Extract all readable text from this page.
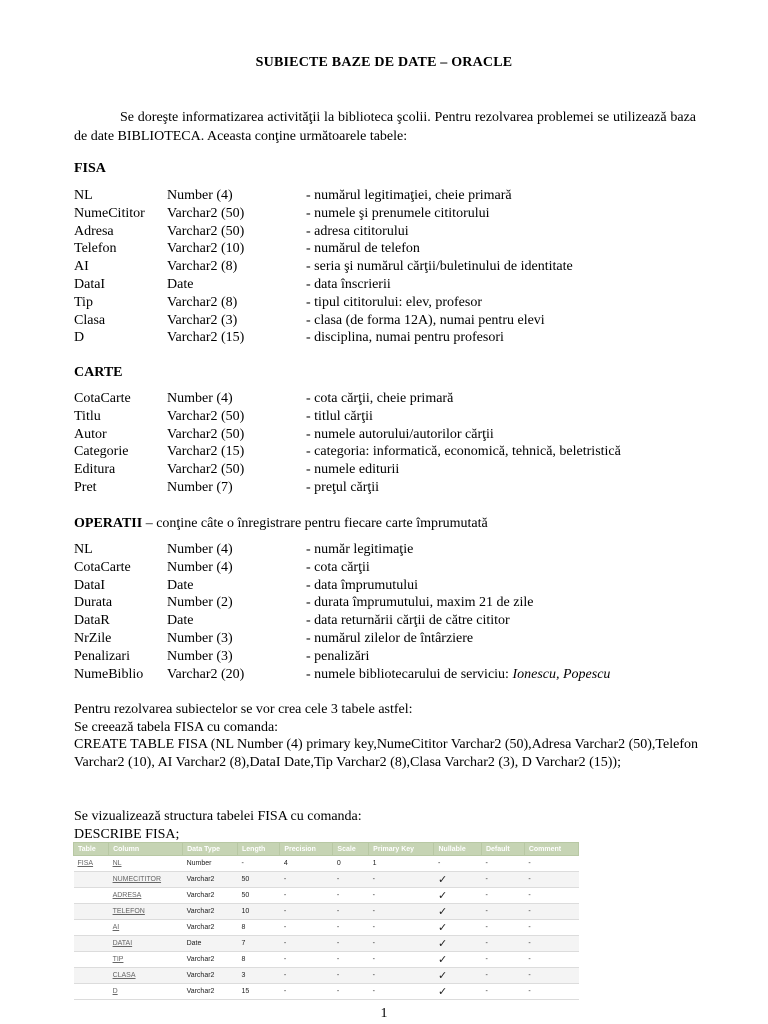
SUBIECTE BAZE DE DATE – ORACLE
Se doreşte informatizarea activităţii la biblioteca şcolii. Pentru rezolvarea problemei se utilizează baza de date BIBLIOTECA. Aceasta conţine următoarele tabele:
FISA
NL	Number (4)	- numărul legitimaţiei, cheie primară
NumeCititor Varchar2 (50)	- numele şi prenumele cititorului
Adresa	Varchar2 (50)	- adresa cititorului
Telefon	Varchar2 (10)	- numărul de telefon
AI	Varchar2 (8)	- seria şi numărul cărţii/buletinului de identitate
DataI	Date	- data înscrierii
Tip	Varchar2 (8)	- tipul cititorului: elev, profesor
Clasa	Varchar2 (3)	- clasa (de forma 12A), numai pentru elevi
D	Varchar2 (15)	- disciplina, numai pentru profesori
CARTE
CotaCarte	Number (4)	- cota cărţii, cheie primară
Titlu	Varchar2 (50)	- titlul cărţii
Autor	Varchar2 (50)	- numele autorului/autorilor cărţii
Categorie	Varchar2 (15)	- categoria: informatică, economică, tehnică, beletristică
Editura	Varchar2 (50)	- numele editurii
Pret	Number (7)	- preţul cărţii
OPERATII – conţine câte o înregistrare pentru fiecare carte împrumutată
NL	Number (4)	- număr legitimaţie
CotaCarte	Number (4)	- cota cărţii
DataI	Date	- data împrumutului
Durata	Number (2)	- durata împrumutului, maxim 21 de zile
DataR	Date	- data returnării cărţii de către cititor
NrZile	Number (3)	- numărul zilelor de întârziere
Penalizari	Number (3)	- penalizări
NumeBiblio Varchar2 (20)	- numele bibliotecarului de serviciu: Ionescu, Popescu
Pentru rezolvarea subiectelor se vor crea cele 3 tabele astfel:
Se creează tabela FISA cu comanda:
CREATE TABLE FISA (NL Number (4) primary key,NumeCititor Varchar2 (50),Adresa Varchar2 (50),Telefon Varchar2 (10), AI Varchar2 (8),DataI Date,Tip Varchar2 (8),Clasa Varchar2 (3), D Varchar2 (15));
Se vizualizează structura tabelei FISA cu comanda:
DESCRIBE FISA;
Table	Column	Data Type	Length	Precision	Scale	Primary Key	Nullable	Default	Comment
FISA	NL	Number	-	4	0	1	-	-	-
	NUMECITITOR	Varchar2	50	-	-	-	✓	-	-
	ADRESA	Varchar2	50	-	-	-	✓	-	-
	TELEFON	Varchar2	10	-	-	-	✓	-	-
	AI	Varchar2	8	-	-	-	✓	-	-
	DATAI	Date	7	-	-	-	✓	-	-
	TIP	Varchar2	8	-	-	-	✓	-	-
	CLASA	Varchar2	3	-	-	-	✓	-	-
	D	Varchar2	15	-	-	-	✓	-	-
1
